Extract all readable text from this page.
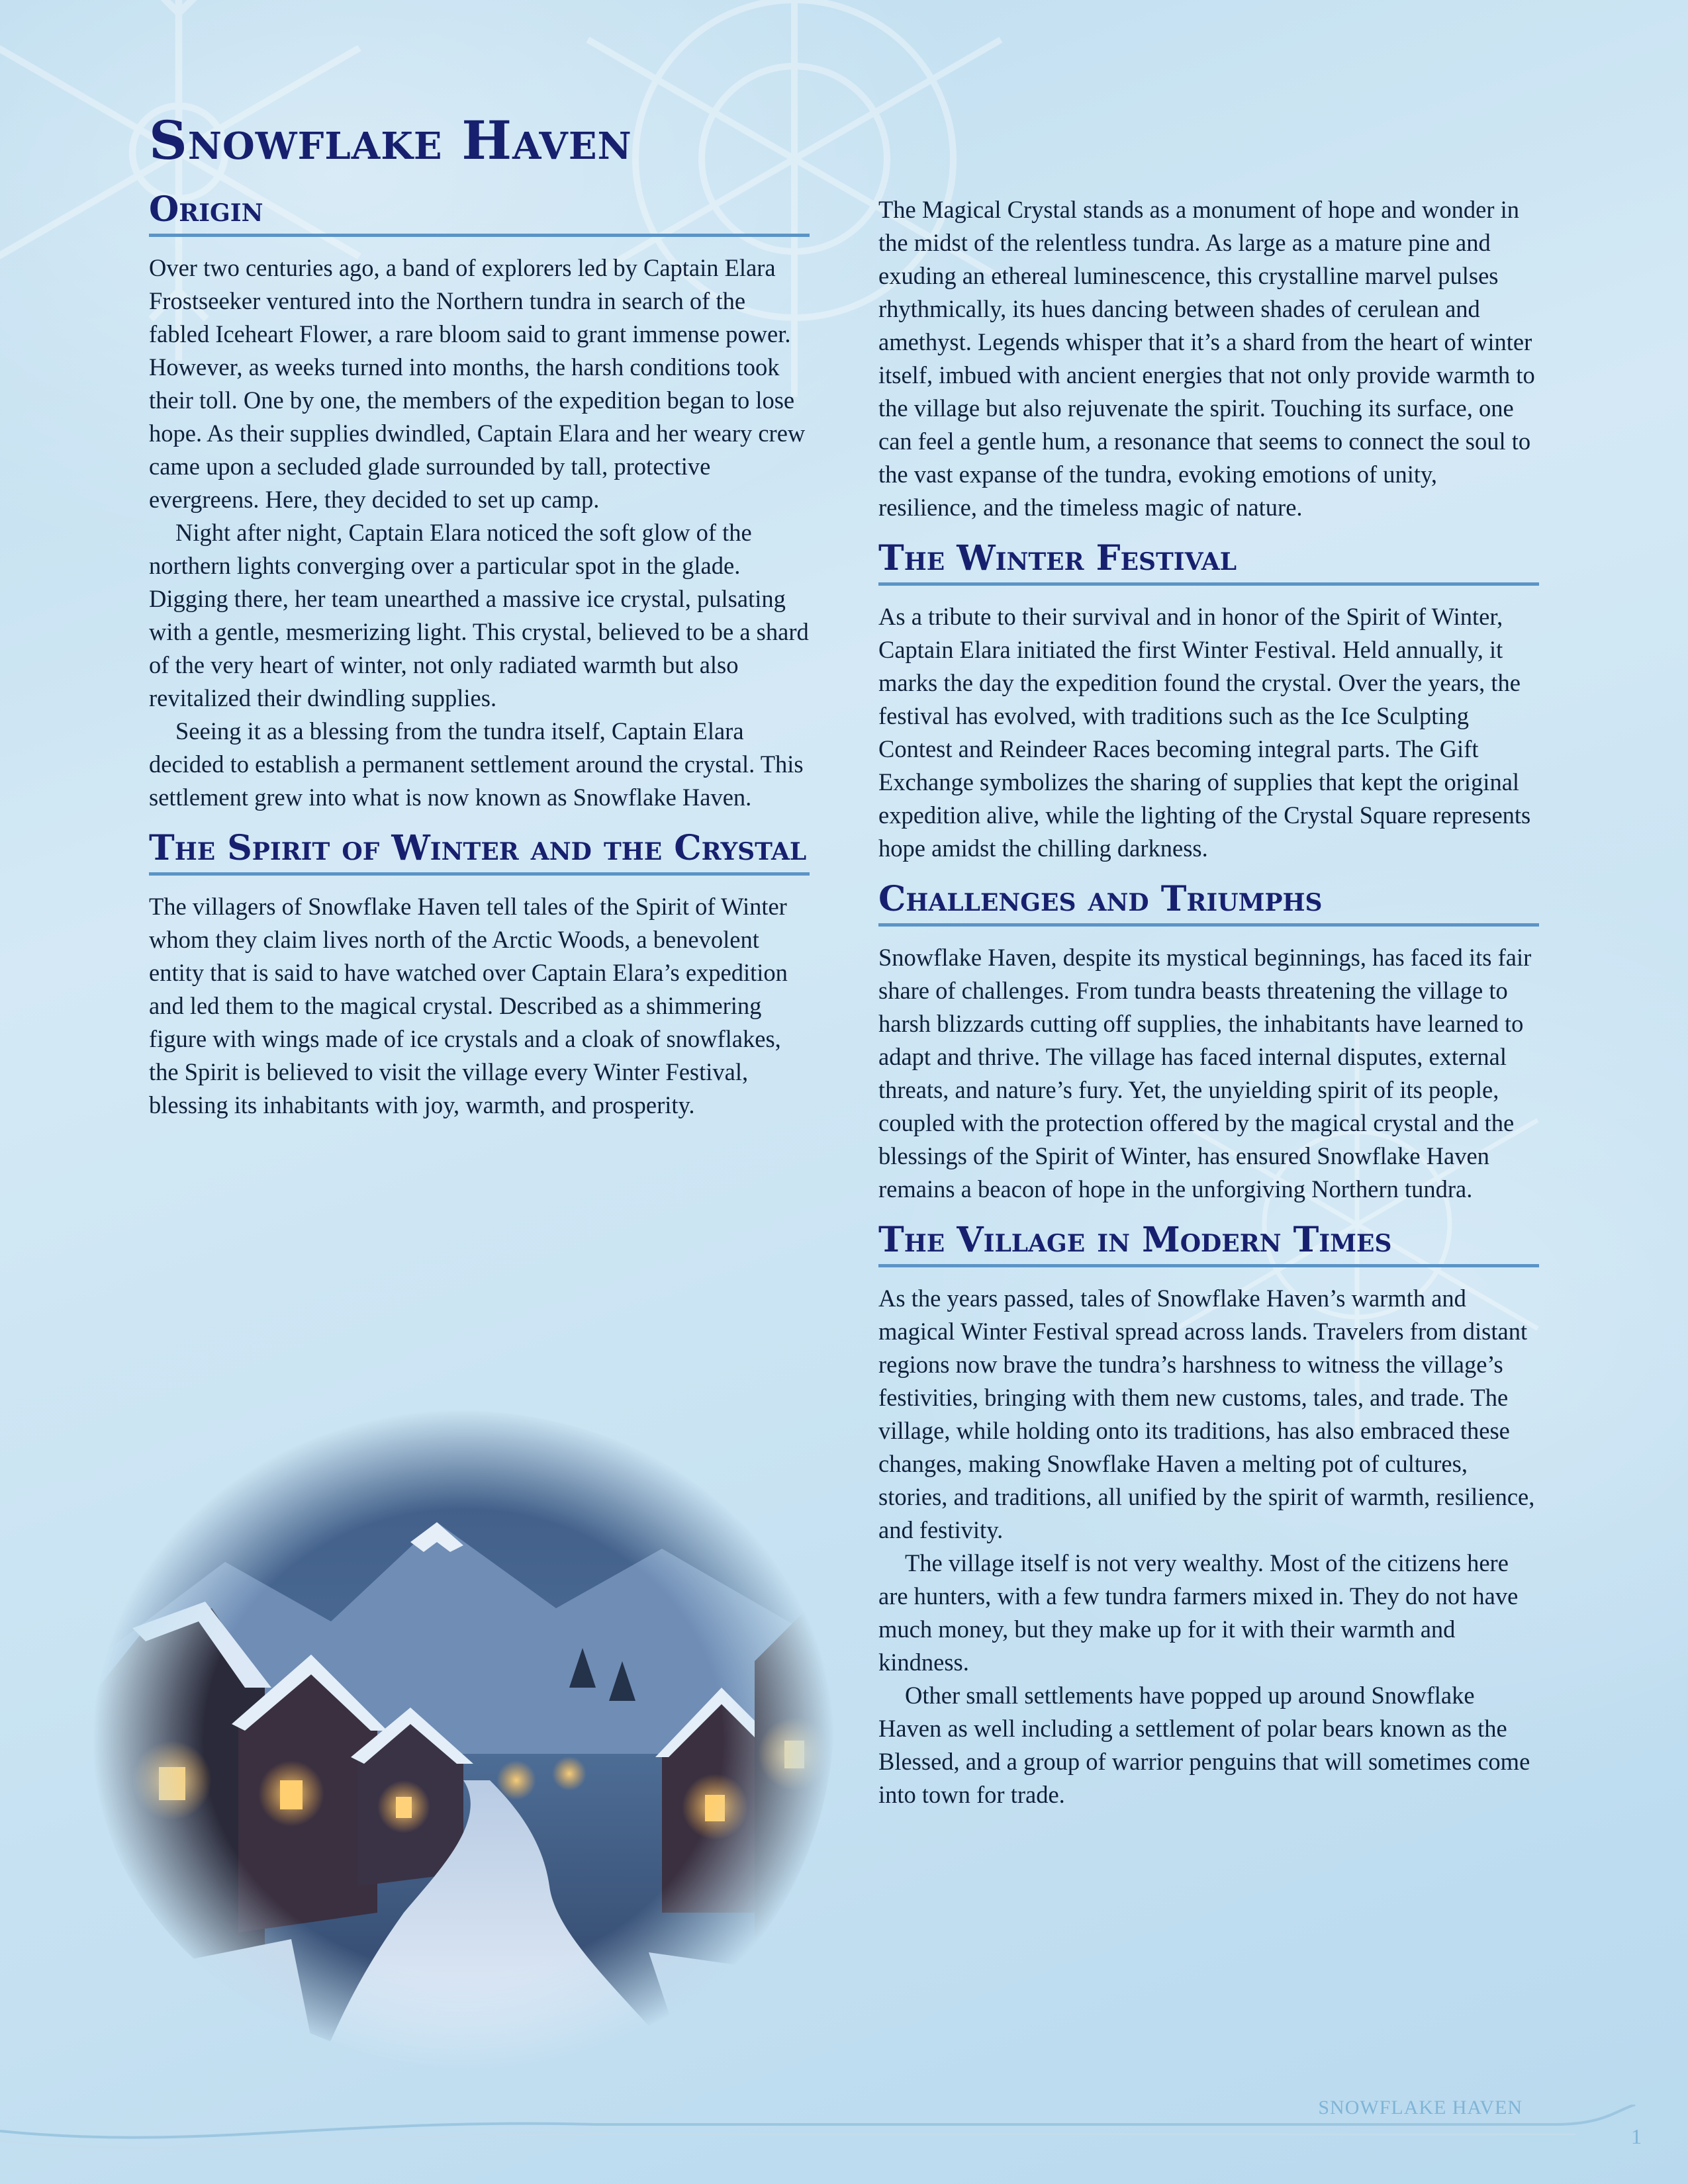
Snowflake Haven
Origin

Over two centuries ago, a band of explorers led by Captain Elara Frostseeker ventured into the Northern tundra in search of the fabled Iceheart Flower, a rare bloom said to grant immense power. However, as weeks turned into months, the harsh conditions took their toll. One by one, the members of the expedition began to lose hope. As their supplies dwindled, Captain Elara and her weary crew came upon a secluded glade surrounded by tall, protective evergreens. Here, they decided to set up camp.

Night after night, Captain Elara noticed the soft glow of the northern lights converging over a particular spot in the glade. Digging there, her team unearthed a massive ice crystal, pulsating with a gentle, mesmerizing light. This crystal, believed to be a shard of the very heart of winter, not only radiated warmth but also revitalized their dwindling supplies.

Seeing it as a blessing from the tundra itself, Captain Elara decided to establish a permanent settlement around the crystal. This settlement grew into what is now known as Snowflake Haven.

The Spirit of Winter and the Crystal

The villagers of Snowflake Haven tell tales of the Spirit of Winter whom they claim lives north of the Arctic Woods, a benevolent entity that is said to have watched over Captain Elara’s expedition and led them to the magical crystal. Described as a shimmering figure with wings made of ice crystals and a cloak of snowflakes, the Spirit is believed to visit the village every Winter Festival, blessing its inhabitants with joy, warmth, and prosperity.

The Magical Crystal stands as a monument of hope and wonder in the midst of the relentless tundra. As large as a mature pine and exuding an ethereal luminescence, this crystalline marvel pulses rhythmically, its hues dancing between shades of cerulean and amethyst. Legends whisper that it’s a shard from the heart of winter itself, imbued with ancient energies that not only provide warmth to the village but also rejuvenate the spirit. Touching its surface, one can feel a gentle hum, a resonance that seems to connect the soul to the vast expanse of the tundra, evoking emotions of unity, resilience, and the timeless magic of nature.

The Winter Festival

As a tribute to their survival and in honor of the Spirit of Winter, Captain Elara initiated the first Winter Festival. Held annually, it marks the day the expedition found the crystal. Over the years, the festival has evolved, with traditions such as the Ice Sculpting Contest and Reindeer Races becoming integral parts. The Gift Exchange symbolizes the sharing of supplies that kept the original expedition alive, while the lighting of the Crystal Square represents hope amidst the chilling darkness.

Challenges and Triumphs

Snowflake Haven, despite its mystical beginnings, has faced its fair share of challenges. From tundra beasts threatening the village to harsh blizzards cutting off supplies, the inhabitants have learned to adapt and thrive. The village has faced internal disputes, external threats, and nature’s fury. Yet, the unyielding spirit of its people, coupled with the protection offered by the magical crystal and the blessings of the Spirit of Winter, has ensured Snowflake Haven remains a beacon of hope in the unforgiving Northern tundra.

The Village in Modern Times

As the years passed, tales of Snowflake Haven’s warmth and magical Winter Festival spread across lands. Travelers from distant regions now brave the tundra’s harshness to witness the village’s festivities, bringing with them new customs, tales, and trade. The village, while holding onto its traditions, has also embraced these changes, making Snowflake Haven a melting pot of cultures, stories, and traditions, all unified by the spirit of warmth, resilience, and festivity.

The village itself is not very wealthy. Most of the citizens here are hunters, with a few tundra farmers mixed in. They do not have much money, but they make up for it with their warmth and kindness.

Other small settlements have popped up around Snowflake Haven as well including a settlement of polar bears known as the Blessed, and a group of warrior penguins that will sometimes come into town for trade.

SNOWFLAKE HAVEN
1
